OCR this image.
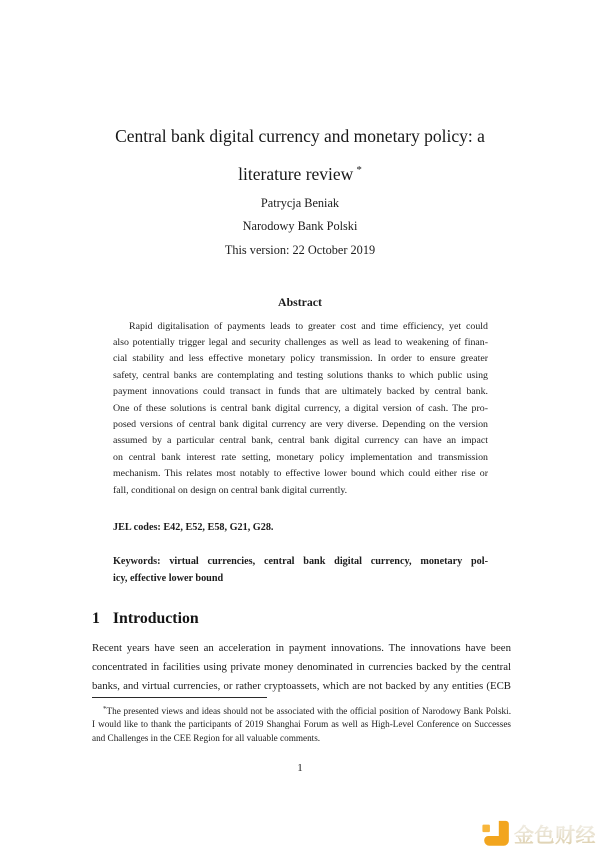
Central bank digital currency and monetary policy: a
literature review *
Patrycja Beniak
Narodowy Bank Polski
This version: 22 October 2019
Abstract
Rapid digitalisation of payments leads to greater cost and time efficiency, yet could
also potentially trigger legal and security challenges as well as lead to weakening of finan-
cial stability and less effective monetary policy transmission. In order to ensure greater
safety, central banks are contemplating and testing solutions thanks to which public using
payment innovations could transact in funds that are ultimately backed by central bank.
One of these solutions is central bank digital currency, a digital version of cash. The pro-
posed versions of central bank digital currency are very diverse. Depending on the version
assumed by a particular central bank, central bank digital currency can have an impact
on central bank interest rate setting, monetary policy implementation and transmission
mechanism. This relates most notably to effective lower bound which could either rise or
fall, conditional on design on central bank digital currently.
JEL codes: E42, E52, E58, G21, G28.
Keywords: virtual currencies, central bank digital currency, monetary pol-
icy, effective lower bound
1 Introduction
Recent years have seen an acceleration in payment innovations. The innovations have been
concentrated in facilities using private money denominated in currencies backed by the central
banks, and virtual currencies, or rather cryptoassets, which are not backed by any entities (ECB
*The presented views and ideas should not be associated with the official position of Narodowy Bank Polski.
I would like to thank the participants of 2019 Shanghai Forum as well as High-Level Conference on Successes
and Challenges in the CEE Region for all valuable comments.
1
金色财经
